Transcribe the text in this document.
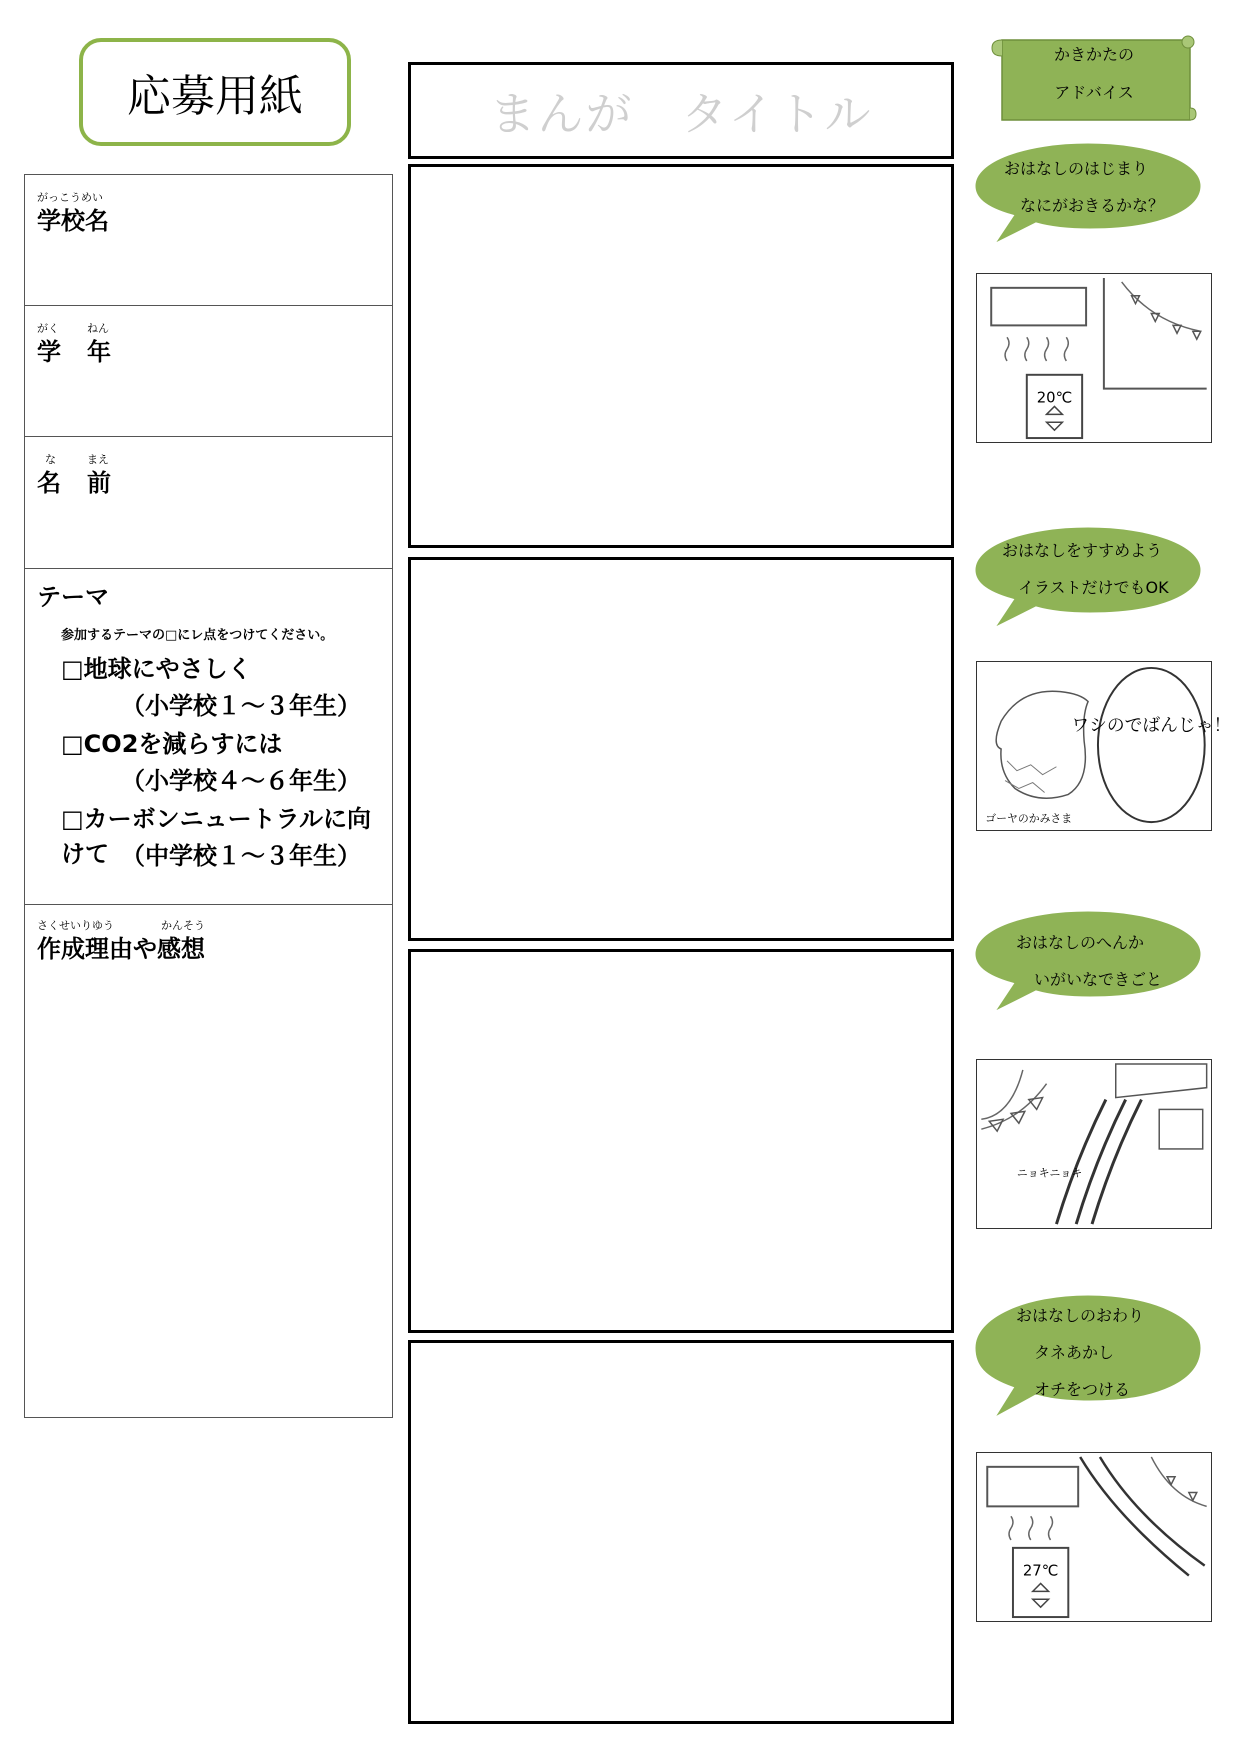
応募用紙
がっこうめい
学校名
がく	ねん
学 年
な	まえ
名 前
テーマ
参加するテーマの□にレ点をつけてください。
□地球にやさしく
（小学校１～３年生）
□CO2を減らすには
（小学校４～６年生）
□カーボンニュートラルに向けて （中学校１～３年生）
さくせいりゆう	かんそう
作成理由や感想
まんが　タイトル
かきかたの
アドバイス
おはなしのはじまり
なにがおきるかな？
20℃
おはなしをすすめよう
イラストだけでもOK
ゴーヤのかみさま
ワシのでばんじゃ！
おはなしのへんか
いがいなできごと
ニョキニョキ
おはなしのおわり
タネあかし
オチをつける
27℃
